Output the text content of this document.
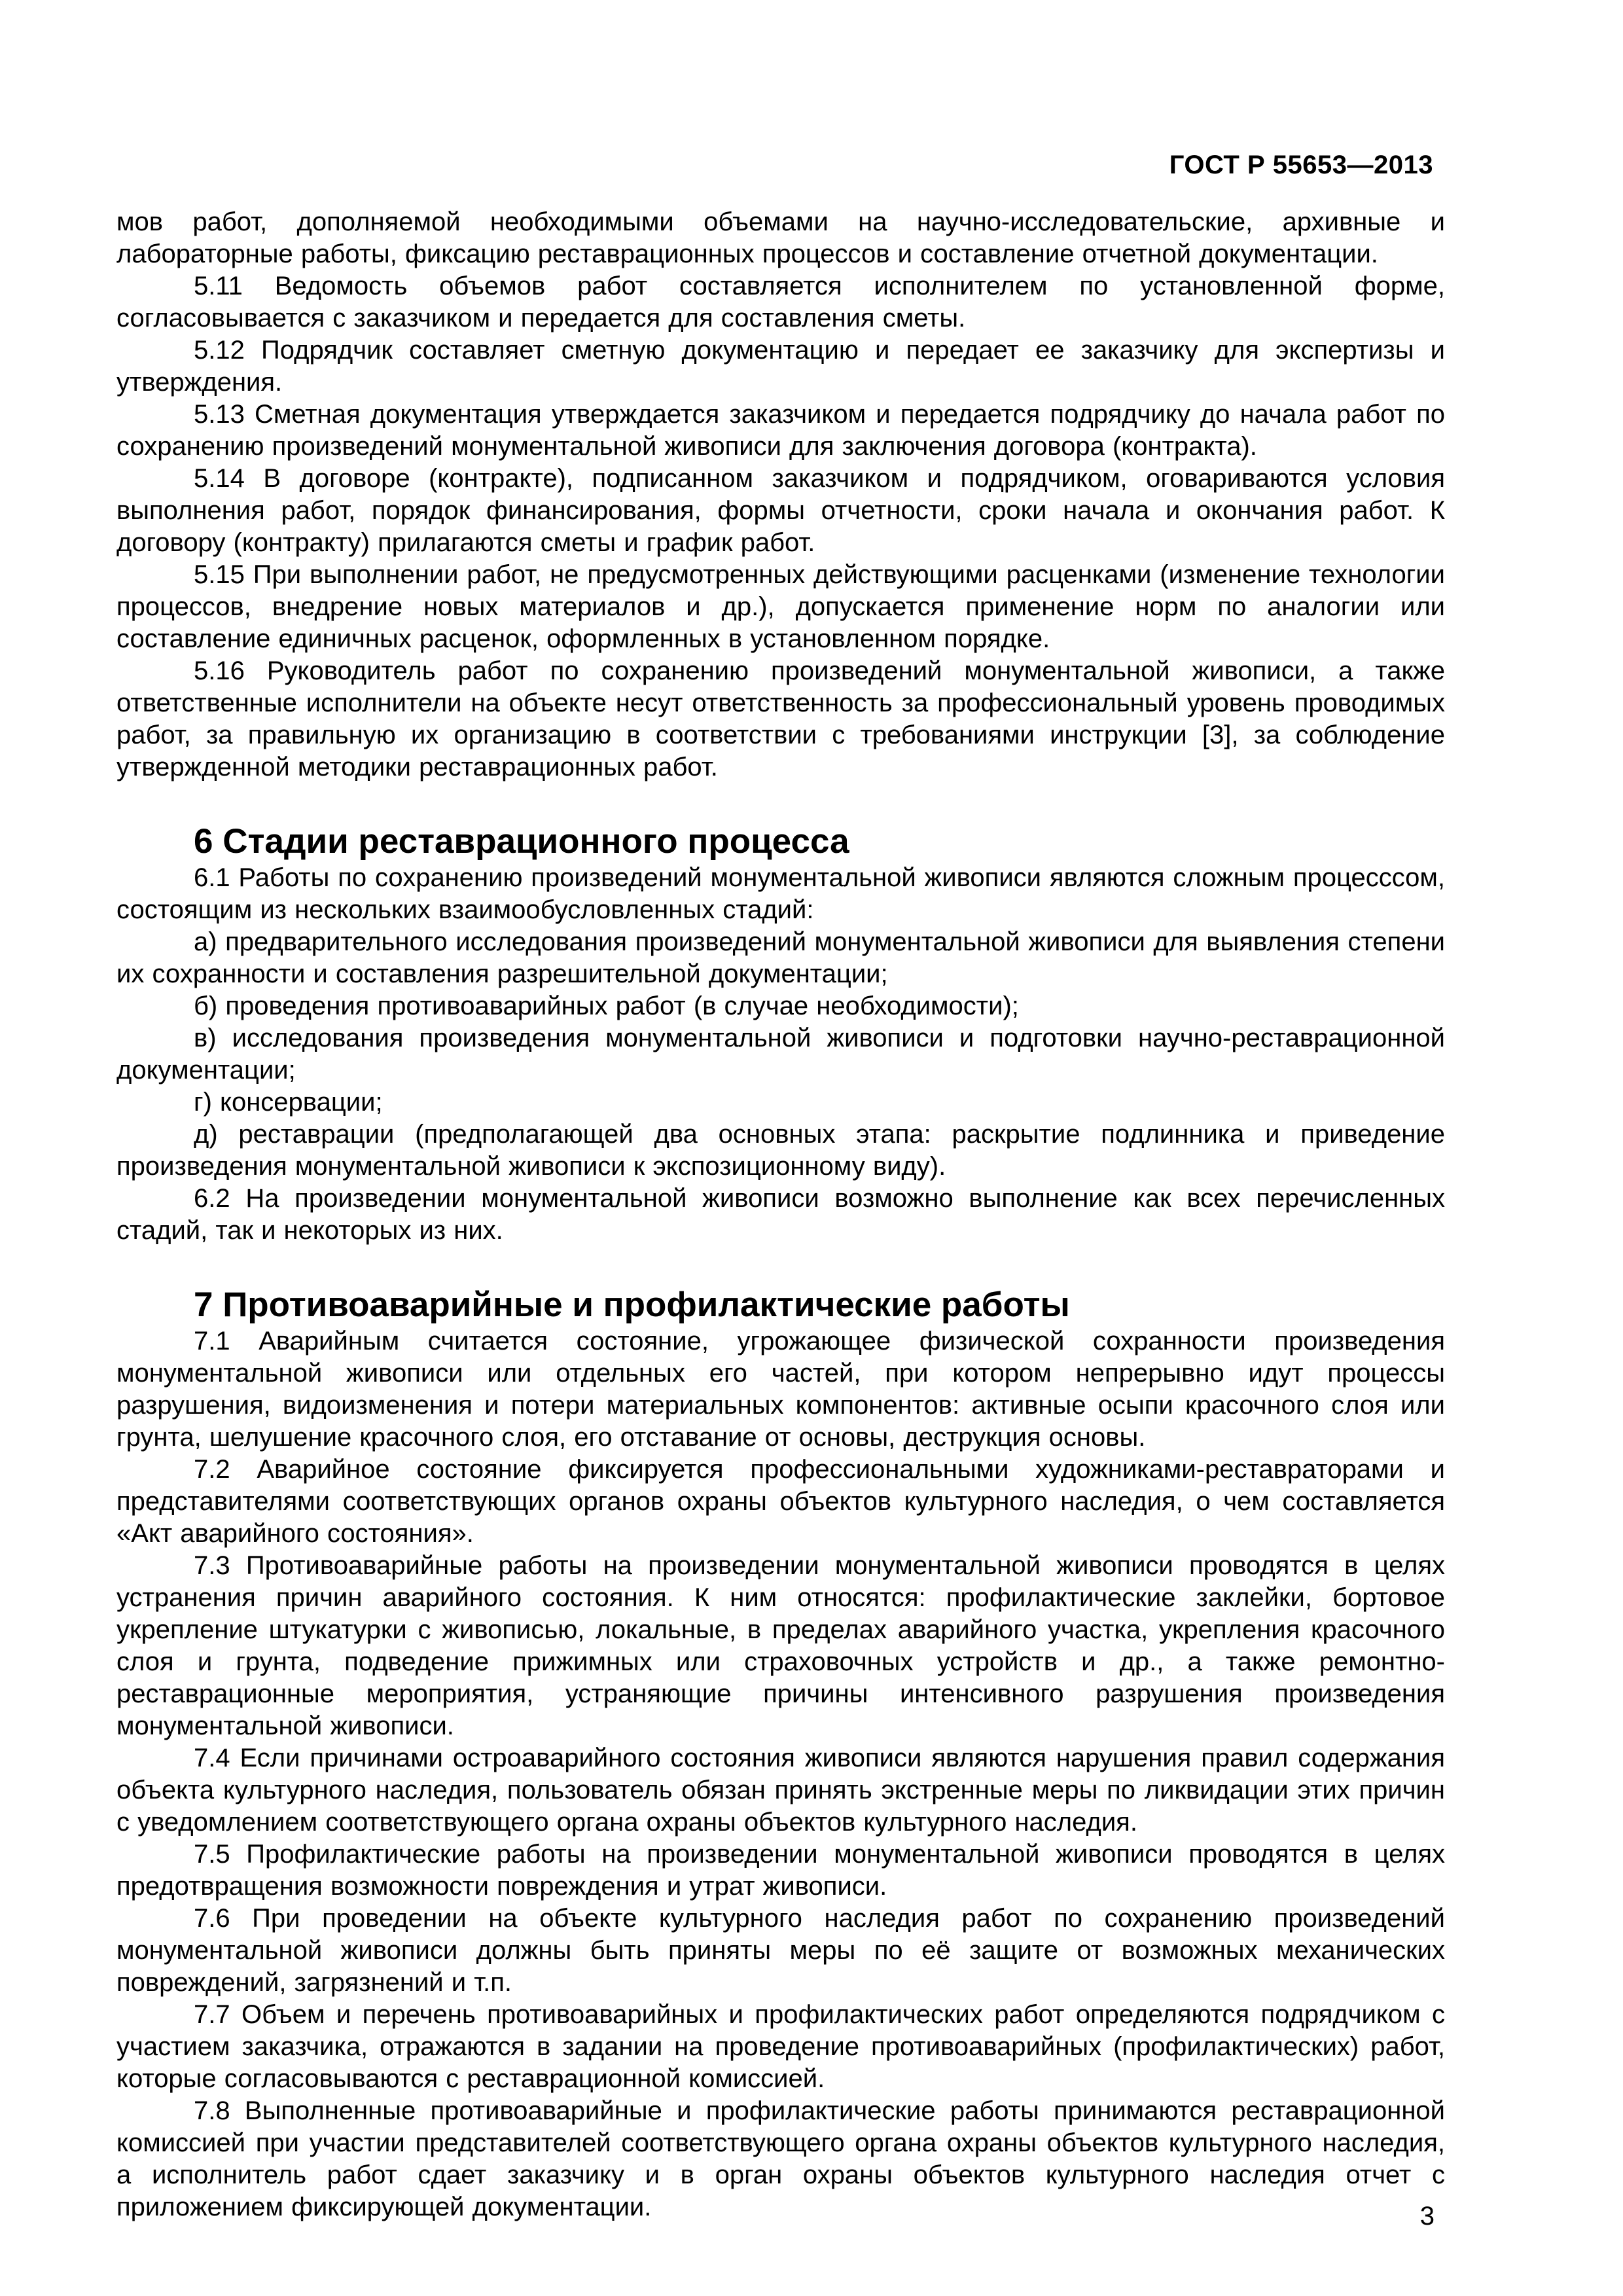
ГОСТ Р 55653—2013

мов работ, дополняемой необходимыми объемами на научно-исследовательские, архивные и лабораторные работы, фиксацию реставрационных процессов и составление отчетной документации.

5.11 Ведомость объемов работ составляется исполнителем по установленной форме, согласовывается с заказчиком и передается для составления сметы.

5.12 Подрядчик составляет сметную документацию и передает ее заказчику для экспертизы и утверждения.

5.13 Сметная документация утверждается заказчиком и передается подрядчику до начала работ по сохранению произведений монументальной живописи для заключения договора (контракта).

5.14 В договоре (контракте), подписанном заказчиком и подрядчиком, оговариваются условия выполнения работ, порядок финансирования, формы отчетности, сроки начала и окончания работ. К договору (контракту) прилагаются сметы и график работ.

5.15 При выполнении работ, не предусмотренных действующими расценками (изменение технологии процессов, внедрение новых материалов и др.), допускается применение норм по аналогии или составление единичных расценок, оформленных в установленном порядке.

5.16 Руководитель работ по сохранению произведений монументальной живописи, а также ответственные исполнители на объекте несут ответственность за профессиональный уровень проводимых работ, за правильную их организацию в соответствии с требованиями инструкции [3], за соблюдение утвержденной методики реставрационных работ.

6 Стадии реставрационного процесса

6.1 Работы по сохранению произведений монументальной живописи являются сложным процесссом, состоящим из нескольких взаимообусловленных стадий:

а) предварительного исследования произведений монументальной живописи для выявления степени их сохранности и составления разрешительной документации;

б) проведения противоаварийных работ (в случае необходимости);

в) исследования произведения монументальной живописи и подготовки научно-реставрационной документации;

г) консервации;

д) реставрации (предполагающей два основных этапа: раскрытие подлинника и приведение произведения монументальной живописи к экспозиционному виду).

6.2 На произведении монументальной живописи возможно выполнение как всех перечисленных стадий, так и некоторых из них.

7 Противоаварийные и профилактические работы

7.1 Аварийным считается состояние, угрожающее физической сохранности произведения монументальной живописи или отдельных его частей, при котором непрерывно идут процессы разрушения, видоизменения и потери материальных компонентов: активные осыпи красочного слоя или грунта, шелушение красочного слоя, его отставание от основы, деструкция основы.

7.2 Аварийное состояние фиксируется профессиональными художниками-реставраторами и представителями соответствующих органов охраны объектов культурного наследия, о чем составляется «Акт аварийного состояния».

7.3 Противоаварийные работы на произведении монументальной живописи проводятся в целях устранения причин аварийного состояния. К ним относятся: профилактические заклейки, бортовое укрепление штукатурки с живописью, локальные, в пределах аварийного участка, укрепления красочного слоя и грунта, подведение прижимных или страховочных устройств и др., а также ремонтно-реставрационные мероприятия, устраняющие причины интенсивного разрушения произведения монументальной живописи.

7.4 Если причинами остроаварийного состояния живописи являются нарушения правил содержания объекта культурного наследия, пользователь обязан принять экстренные меры по ликвидации этих причин с уведомлением соответствующего органа охраны объектов культурного наследия.

7.5 Профилактические работы на произведении монументальной живописи проводятся в целях предотвращения возможности повреждения и утрат живописи.

7.6 При проведении на объекте культурного наследия работ по сохранению произведений монументальной живописи должны быть приняты меры по её защите от возможных механических повреждений, загрязнений и т.п.

7.7 Объем и перечень противоаварийных и профилактических работ определяются подрядчиком с участием заказчика, отражаются в задании на проведение противоаварийных (профилактических) работ, которые согласовываются с реставрационной комиссией.

7.8 Выполненные противоаварийные и профилактические работы принимаются реставрационной комиссией при участии представителей соответствующего органа охраны объектов культурного наследия, а исполнитель работ сдает заказчику и в орган охраны объектов культурного наследия отчет с приложением фиксирующей документации.	3
